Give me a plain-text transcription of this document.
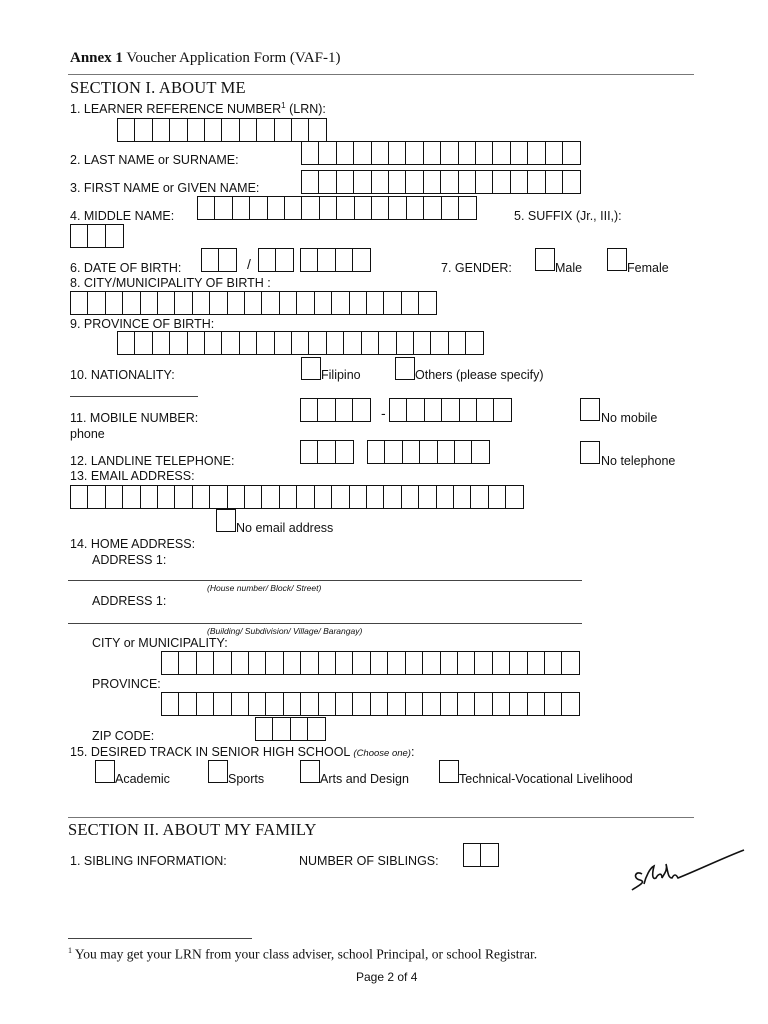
Annex 1 Voucher Application Form (VAF-1)
SECTION I. ABOUT ME
1. LEARNER REFERENCE NUMBER$^1$ (LRN):
2. LAST NAME or SURNAME:
3. FIRST NAME or GIVEN NAME:
4. MIDDLE NAME:	5. SUFFIX (Jr., III,):
6. DATE OF BIRTH:	/	7. GENDER:	Male	Female
8. CITY/MUNICIPALITY OF BIRTH :
9. PROVINCE OF BIRTH:
10. NATIONALITY:	Filipino	Others (please specify)
11. MOBILE NUMBER:
phone
-	No mobile
12. LANDLINE TELEPHONE:	No telephone
13. EMAIL ADDRESS:
No email address
14. HOME ADDRESS:
ADDRESS 1:
(House number/ Block/ Street)
ADDRESS 1:
(Building/ Subdivision/ Village/ Barangay)
CITY or MUNICIPALITY:
PROVINCE:
ZIP CODE:
15. DESIRED TRACK IN SENIOR HIGH SCHOOL (Choose one):
Academic	Sports	Arts and Design	Technical-Vocational Livelihood
SECTION II. ABOUT MY FAMILY
1. SIBLING INFORMATION:	NUMBER OF SIBLINGS:
$^1$ You may get your LRN from your class adviser, school Principal, or school Registrar.
Page 2 of 4
